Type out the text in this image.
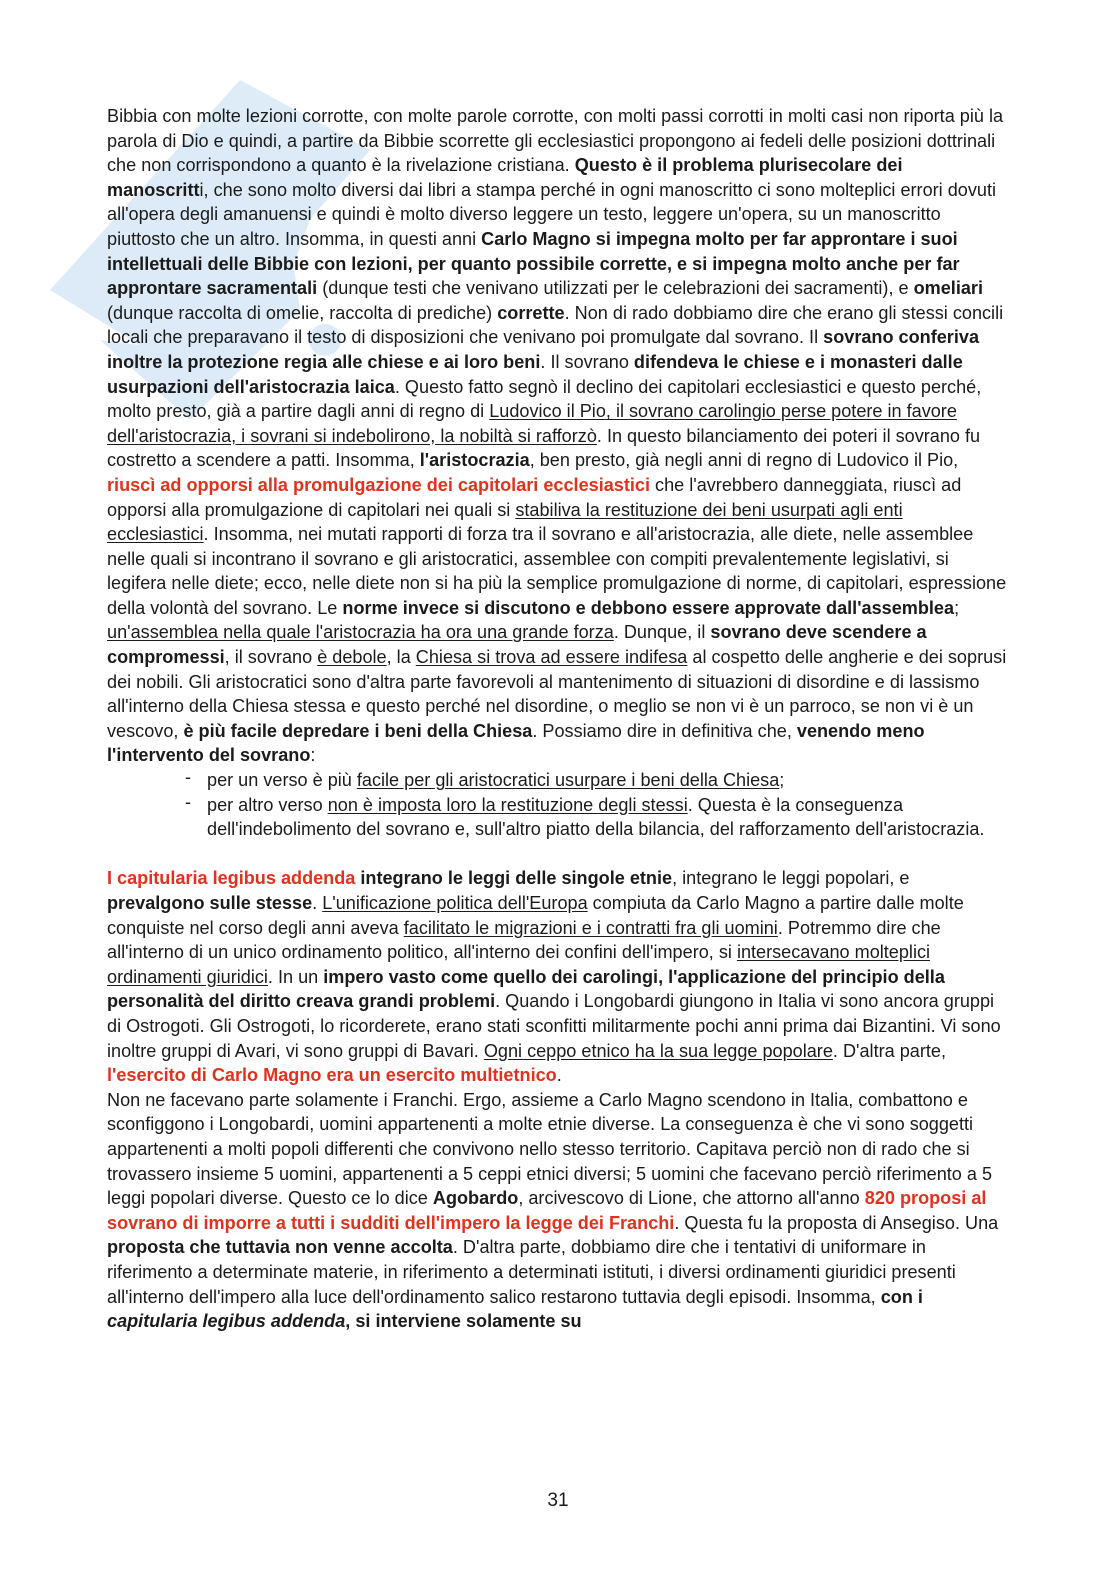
Bibbia con molte lezioni corrotte, con molte parole corrotte, con molti passi corrotti in molti casi non riporta più la parola di Dio e quindi, a partire da Bibbie scorrette gli ecclesiastici propongono ai fedeli delle posizioni dottrinali che non corrispondono a quanto è la rivelazione cristiana. Questo è il problema plurisecolare dei manoscritti, che sono molto diversi dai libri a stampa perché in ogni manoscritto ci sono molteplici errori dovuti all'opera degli amanuensi e quindi è molto diverso leggere un testo, leggere un'opera, su un manoscritto piuttosto che un altro. Insomma, in questi anni Carlo Magno si impegna molto per far approntare i suoi intellettuali delle Bibbie con lezioni, per quanto possibile corrette, e si impegna molto anche per far approntare sacramentali (dunque testi che venivano utilizzati per le celebrazioni dei sacramenti), e omeliari (dunque raccolta di omelie, raccolta di prediche) corrette. Non di rado dobbiamo dire che erano gli stessi concili locali che preparavano il testo di disposizioni che venivano poi promulgate dal sovrano. Il sovrano conferiva inoltre la protezione regia alle chiese e ai loro beni. Il sovrano difendeva le chiese e i monasteri dalle usurpazioni dell'aristocrazia laica. Questo fatto segnò il declino dei capitolari ecclesiastici e questo perché, molto presto, già a partire dagli anni di regno di Ludovico il Pio, il sovrano carolingio perse potere in favore dell'aristocrazia, i sovrani si indebolirono, la nobiltà si rafforzò. In questo bilanciamento dei poteri il sovrano fu costretto a scendere a patti. Insomma, l'aristocrazia, ben presto, già negli anni di regno di Ludovico il Pio, riuscì ad opporsi alla promulgazione dei capitolari ecclesiastici che l'avrebbero danneggiata, riuscì ad opporsi alla promulgazione di capitolari nei quali si stabiliva la restituzione dei beni usurpati agli enti ecclesiastici. Insomma, nei mutati rapporti di forza tra il sovrano e all'aristocrazia, alle diete, nelle assemblee nelle quali si incontrano il sovrano e gli aristocratici, assemblee con compiti prevalentemente legislativi, si legifera nelle diete; ecco, nelle diete non si ha più la semplice promulgazione di norme, di capitolari, espressione della volontà del sovrano. Le norme invece si discutono e debbono essere approvate dall'assemblea; un'assemblea nella quale l'aristocrazia ha ora una grande forza. Dunque, il sovrano deve scendere a compromessi, il sovrano è debole, la Chiesa si trova ad essere indifesa al cospetto delle angherie e dei soprusi dei nobili. Gli aristocratici sono d'altra parte favorevoli al mantenimento di situazioni di disordine e di lassismo all'interno della Chiesa stessa e questo perché nel disordine, o meglio se non vi è un parroco, se non vi è un vescovo, è più facile depredare i beni della Chiesa. Possiamo dire in definitiva che, venendo meno l'intervento del sovrano:

- per un verso è più facile per gli aristocratici usurpare i beni della Chiesa;
- per altro verso non è imposta loro la restituzione degli stessi. Questa è la conseguenza dell'indebolimento del sovrano e, sull'altro piatto della bilancia, del rafforzamento dell'aristocrazia.

I capitularia legibus addenda integrano le leggi delle singole etnie, integrano le leggi popolari, e prevalgono sulle stesse. L'unificazione politica dell'Europa compiuta da Carlo Magno a partire dalle molte conquiste nel corso degli anni aveva facilitato le migrazioni e i contratti fra gli uomini. Potremmo dire che all'interno di un unico ordinamento politico, all'interno dei confini dell'impero, si intersecavano molteplici ordinamenti giuridici. In un impero vasto come quello dei carolingi, l'applicazione del principio della personalità del diritto creava grandi problemi. Quando i Longobardi giungono in Italia vi sono ancora gruppi di Ostrogoti. Gli Ostrogoti, lo ricorderete, erano stati sconfitti militarmente pochi anni prima dai Bizantini. Vi sono inoltre gruppi di Avari, vi sono gruppi di Bavari. Ogni ceppo etnico ha la sua legge popolare. D'altra parte, l'esercito di Carlo Magno era un esercito multietnico.

Non ne facevano parte solamente i Franchi. Ergo, assieme a Carlo Magno scendono in Italia, combattono e sconfiggono i Longobardi, uomini appartenenti a molte etnie diverse. La conseguenza è che vi sono soggetti appartenenti a molti popoli differenti che convivono nello stesso territorio. Capitava perciò non di rado che si trovassero insieme 5 uomini, appartenenti a 5 ceppi etnici diversi; 5 uomini che facevano perciò riferimento a 5 leggi popolari diverse. Questo ce lo dice Agobardo, arcivescovo di Lione, che attorno all'anno 820 proposi al sovrano di imporre a tutti i sudditi dell'impero la legge dei Franchi. Questa fu la proposta di Ansegiso. Una proposta che tuttavia non venne accolta. D'altra parte, dobbiamo dire che i tentativi di uniformare in riferimento a determinate materie, in riferimento a determinati istituti, i diversi ordinamenti giuridici presenti all'interno dell'impero alla luce dell'ordinamento salico restarono tuttavia degli episodi. Insomma, con i capitularia legibus addenda, si interviene solamente su

31
